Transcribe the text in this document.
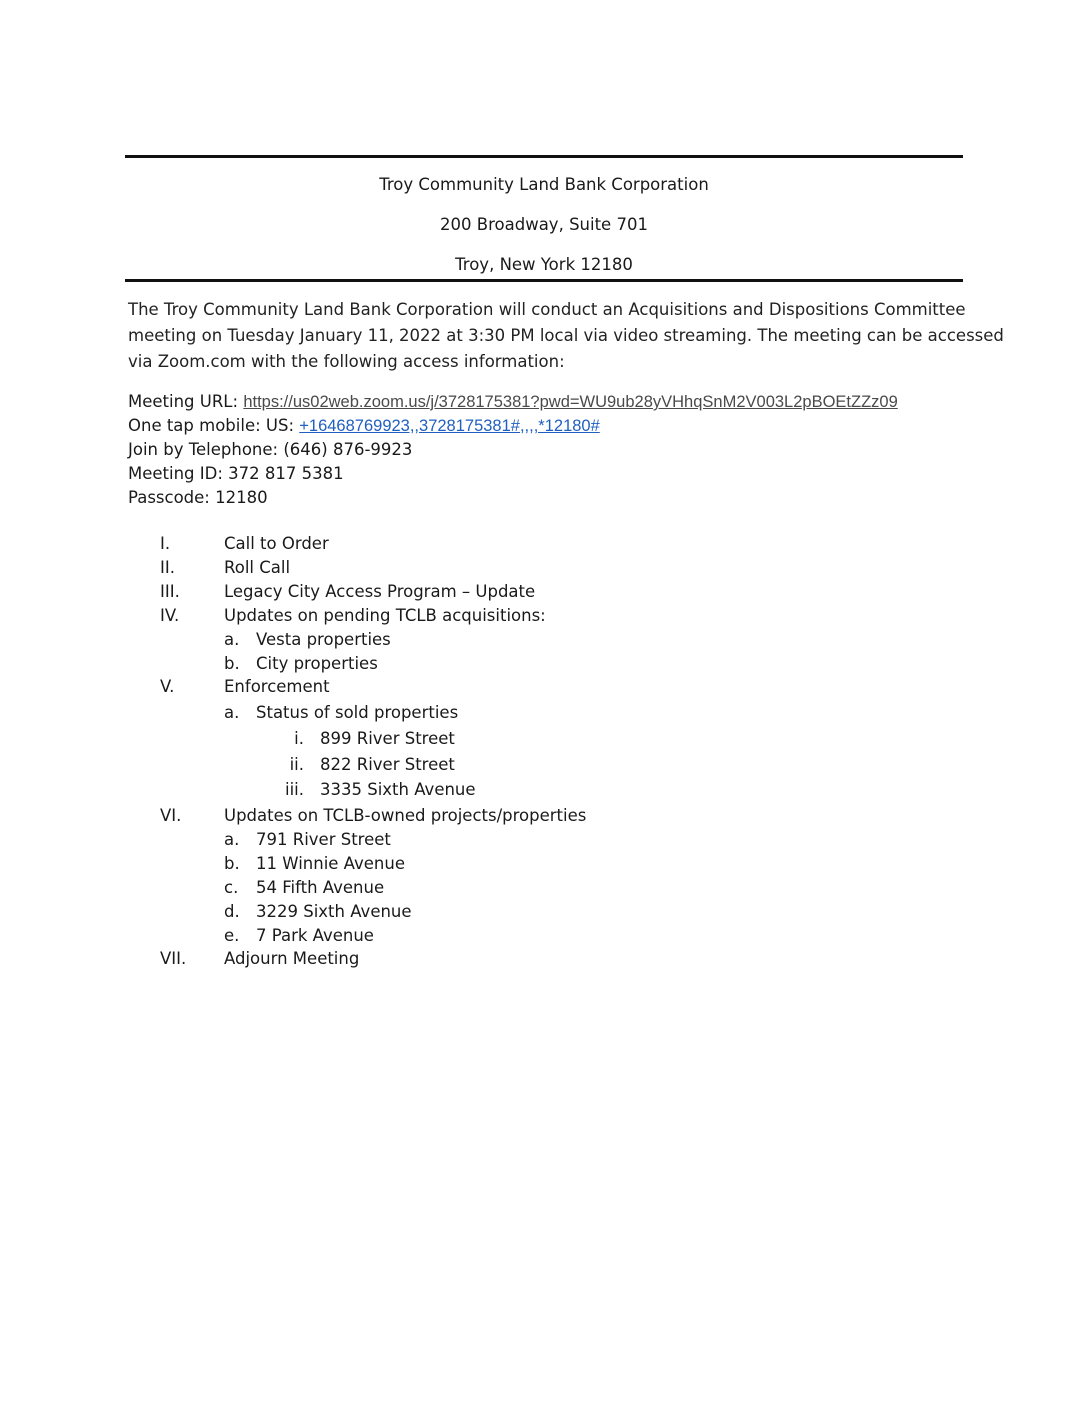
Troy Community Land Bank Corporation
200 Broadway, Suite 701
Troy, New York 12180
The Troy Community Land Bank Corporation will conduct an Acquisitions and Dispositions Committee
meeting on Tuesday January 11, 2022 at 3:30 PM local via video streaming. The meeting can be accessed
via Zoom.com with the following access information:
Meeting URL: https://us02web.zoom.us/j/3728175381?pwd=WU9ub28yVHhqSnM2V003L2pBOEtZZz09
One tap mobile: US: +16468769923,,3728175381#,,,,*12180#
Join by Telephone: (646) 876-9923
Meeting ID: 372 817 5381
Passcode: 12180
I.	Call to Order
II.	Roll Call
III.	Legacy City Access Program – Update
IV.	Updates on pending TCLB acquisitions:
a. Vesta properties
b. City properties
V.	Enforcement
a. Status of sold properties
i. 899 River Street
ii. 822 River Street
iii. 3335 Sixth Avenue
VI.	Updates on TCLB-owned projects/properties
a. 791 River Street
b. 11 Winnie Avenue
c. 54 Fifth Avenue
d. 3229 Sixth Avenue
e. 7 Park Avenue
VII. Adjourn Meeting
